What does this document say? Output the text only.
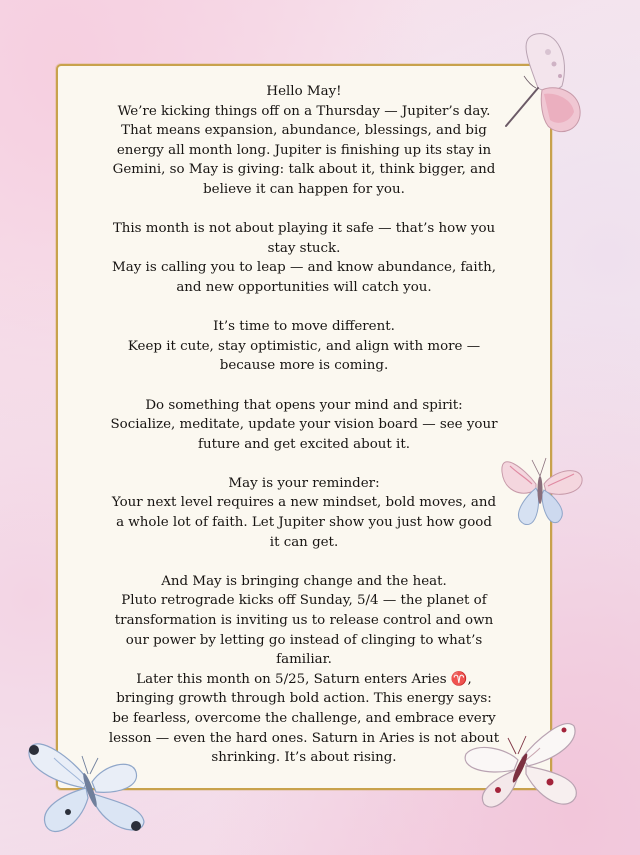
Hello May!
We’re kicking things off on a Thursday — Jupiter’s day.
That means expansion, abundance, blessings, and big
energy all month long. Jupiter is finishing up its stay in
Gemini, so May is giving: talk about it, think bigger, and
believe it can happen for you.

This month is not about playing it safe — that’s how you
stay stuck.
May is calling you to leap — and know abundance, faith,
and new opportunities will catch you.

It’s time to move different.
Keep it cute, stay optimistic, and align with more —
because more is coming.

Do something that opens your mind and spirit:
Socialize, meditate, update your vision board — see your
future and get excited about it.

May is your reminder:
Your next level requires a new mindset, bold moves, and
a whole lot of faith. Let Jupiter show you just how good
it can get.

And May is bringing change and the heat.
Pluto retrograde kicks off Sunday, 5/4 — the planet of
transformation is inviting us to release control and own
our power by letting go instead of clinging to what’s
familiar.
Later this month on 5/25, Saturn enters Aries ♈️,
bringing growth through bold action. This energy says:
be fearless, overcome the challenge, and embrace every
lesson — even the hard ones. Saturn in Aries is not about
shrinking. It’s about rising.
